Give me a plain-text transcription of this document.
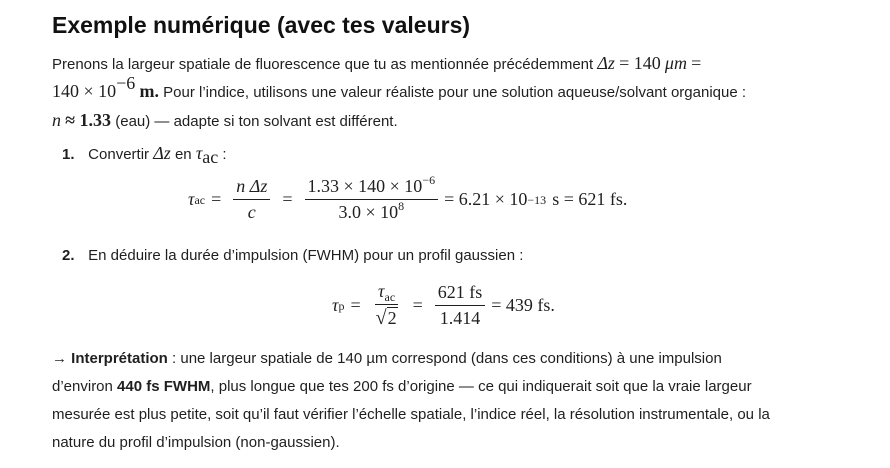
Exemple numérique (avec tes valeurs)
Prenons la largeur spatiale de fluorescence que tu as mentionnée précédemment Δz = 140 μm =
$140 \times 10^{-6}$ m. Pour l’indice, utilisons une valeur réaliste pour une solution aqueuse/solvant organique :
n ≈ 1.33 (eau) — adapte si ton solvant est différent.
1. Convertir Δz en $\tau_{ac}$ :
τ ac = $\frac{\text{n Δz}}{c} = \frac{1.33 \times 140 \times 10^{-6}}{3.0 \times 10^8} = 6.21 \times 10 -13$ s = 621 fs.
2. En déduire la durée d’impulsion (FWHM) pour un profil gaussien :
τ $p = \frac{\tau_{ac}}{√2} = \frac{621 fs}{1.414} = 439$ fs.
→ Interprétation : une largeur spatiale de 140 µm correspond (dans ces conditions) à une impulsion
d’environ 440 fs FWHM, plus longue que tes 200 fs d’origine — ce qui indiquerait soit que la vraie largeur
mesurée est plus petite, soit qu’il faut vérifier l’échelle spatiale, l’indice réel, la résolution instrumentale, ou la
nature du profil d’impulsion (non-gaussien).
